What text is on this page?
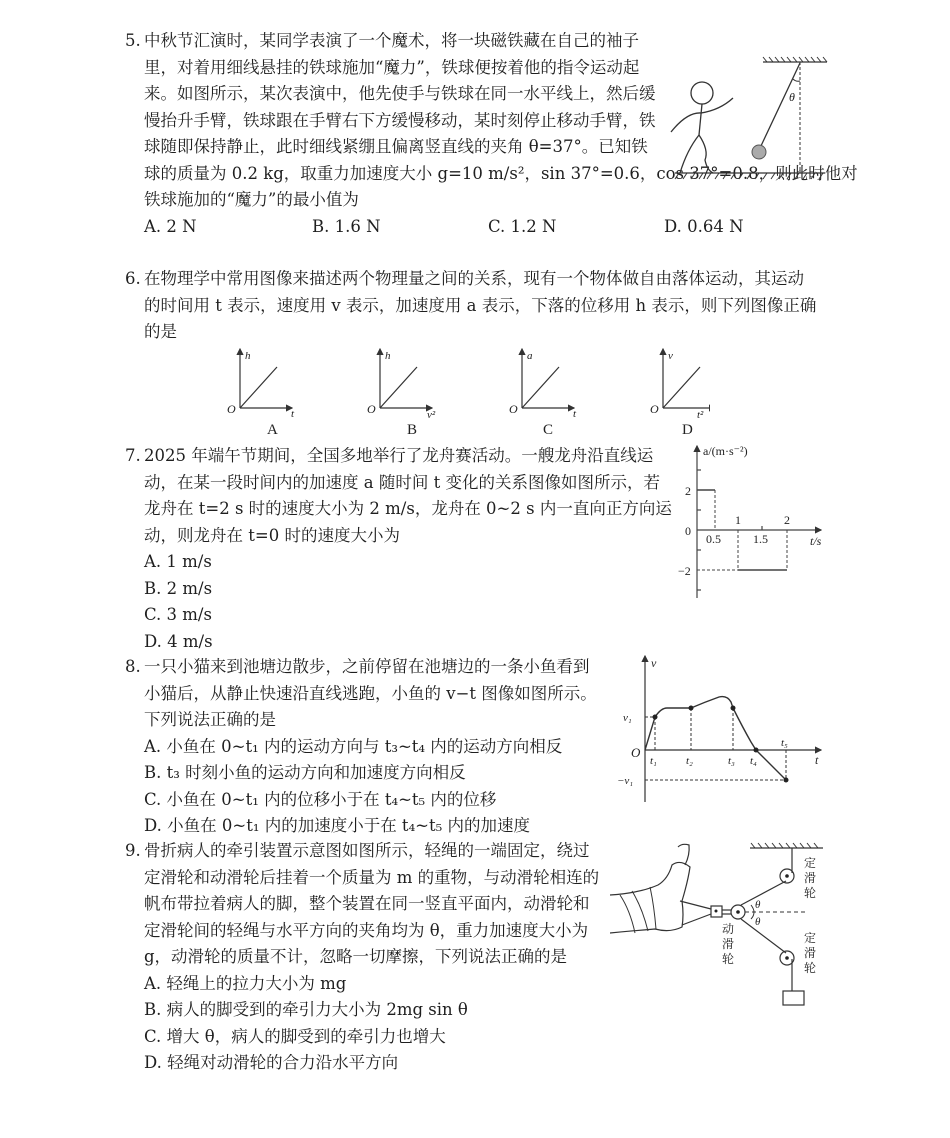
5. 中秋节汇演时，某同学表演了一个魔术，将一块磁铁藏在自己的袖子
里，对着用细线悬挂的铁球施加“魔力”，铁球便按着他的指令运动起
来。如图所示，某次表演中，他先使手与铁球在同一水平线上，然后缓
慢抬升手臂，铁球跟在手臂右下方缓慢移动，某时刻停止移动手臂，铁
球随即保持静止，此时细线紧绷且偏离竖直线的夹角 θ=37°。已知铁
球的质量为 0.2 kg，取重力加速度大小 g=10 m/s²，sin 37°=0.6，cos 37°=0.8，则此时他对
铁球施加的“魔力”的最小值为
A. 2 N	B. 1.6 N	C. 1.2 N	D. 0.64 N
θ
6. 在物理学中常用图像来描述两个物理量之间的关系，现有一个物体做自由落体运动，其运动
的时间用 t 表示，速度用 v 表示，加速度用 a 表示，下落的位移用 h 表示，则下列图像正确
的是
h
t
O
A
h
v²
O
B
a
t
O
C
v
t²
O
D
7. 2025 年端午节期间，全国多地举行了龙舟赛活动。一艘龙舟沿直线运
动，在某一段时间内的加速度 a 随时间 t 变化的关系图像如图所示，若
龙舟在 t=2 s 时的速度大小为 2 m/s，龙舟在 0~2 s 内一直向正方向运
动，则龙舟在 t=0 时的速度大小为
A. 1 m/s
B. 2 m/s
C. 3 m/s
D. 4 m/s
a/(m·s⁻²)
2
0
−2
0.5	1.5
1	2
t/s
8. 一只小猫来到池塘边散步，之前停留在池塘边的一条小鱼看到
小猫后，从静止快速沿直线逃跑，小鱼的 v−t 图像如图所示。
下列说法正确的是
A. 小鱼在 0~t₁ 内的运动方向与 t₃~t₄ 内的运动方向相反
B. t₃ 时刻小鱼的运动方向和加速度方向相反
C. 小鱼在 0~t₁ 内的位移小于在 t₄~t₅ 内的位移
D. 小鱼在 0~t₁ 内的加速度小于在 t₄~t₅ 内的加速度
v
O
v₁
−v₁
t₁	t₂	t₃ t₄
t₅
t
9. 骨折病人的牵引装置示意图如图所示，轻绳的一端固定，绕过
定滑轮和动滑轮后挂着一个质量为 m 的重物，与动滑轮相连的
帆布带拉着病人的脚，整个装置在同一竖直平面内，动滑轮和
定滑轮间的轻绳与水平方向的夹角均为 θ，重力加速度大小为
g，动滑轮的质量不计，忽略一切摩擦，下列说法正确的是
A. 轻绳上的拉力大小为 mg
B. 病人的脚受到的牵引力大小为 2mg sin θ
C. 增大 θ，病人的脚受到的牵引力也增大
D. 轻绳对动滑轮的合力沿水平方向
θ
θ
定
滑
轮
定
滑
轮
动
滑
轮
